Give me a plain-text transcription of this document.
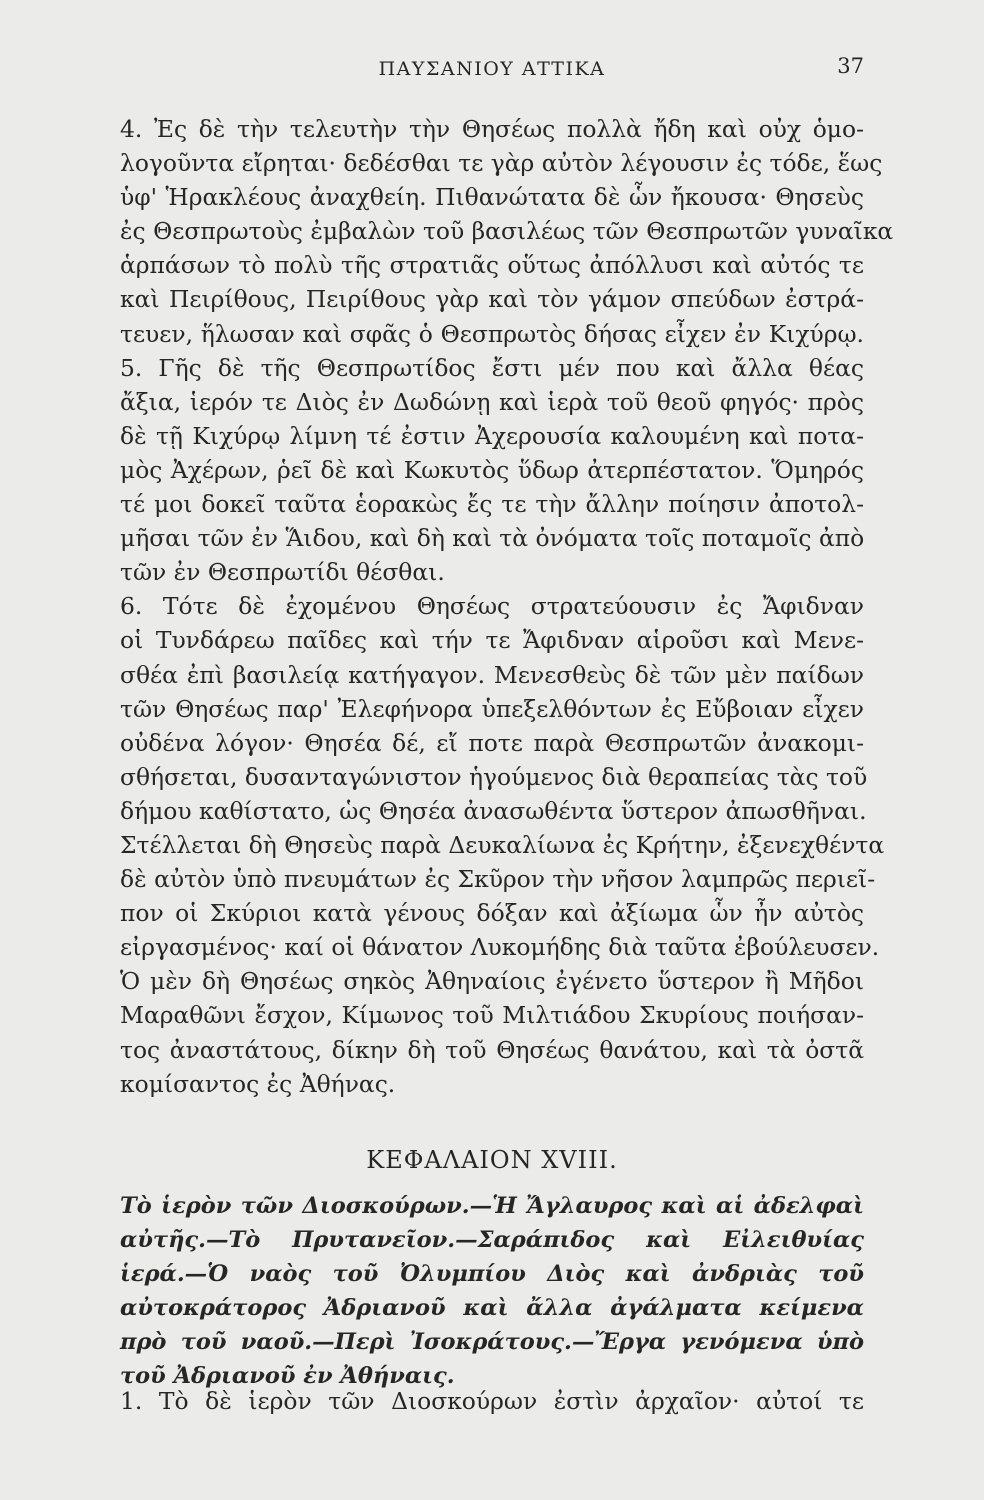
ΠΑΥΣΑΝΙΟΥ ΑΤΤΙΚΑ	37
4. Ἐς δὲ τὴν τελευτὴν τὴν Θησέως πολλὰ ἤδη καὶ οὐχ ὁμο-
λογοῦντα εἴρηται· δεδέσθαι τε γὰρ αὐτὸν λέγουσιν ἐς τόδε, ἕως
ὑφ' Ἡρακλέους ἀναχθείη. Πιθανώτατα δὲ ὧν ἤκουσα· Θησεὺς
ἐς Θεσπρωτοὺς ἐμβαλὼν τοῦ βασιλέως τῶν Θεσπρωτῶν γυναῖκα
ἁρπάσων τὸ πολὺ τῆς στρατιᾶς οὕτως ἀπόλλυσι καὶ αὐτός τε
καὶ Πειρίθους, Πειρίθους γὰρ καὶ τὸν γάμον σπεύδων ἐστρά-
τευεν, ἥλωσαν καὶ σφᾶς ὁ Θεσπρωτὸς δήσας εἶχεν ἐν Κιχύρῳ.
5. Γῆς δὲ τῆς Θεσπρωτίδος ἔστι μέν που καὶ ἄλλα θέας
ἄξια, ἱερόν τε Διὸς ἐν Δωδώνῃ καὶ ἱερὰ τοῦ θεοῦ φηγός· πρὸς
δὲ τῇ Κιχύρῳ λίμνη τέ ἐστιν Ἀχερουσία καλουμένη καὶ ποτα-
μὸς Ἀχέρων, ῥεῖ δὲ καὶ Κωκυτὸς ὕδωρ ἀτερπέστατον. Ὅμηρός
τέ μοι δοκεῖ ταῦτα ἑορακὼς ἔς τε τὴν ἄλλην ποίησιν ἀποτολ-
μῆσαι τῶν ἐν Ἅιδου, καὶ δὴ καὶ τὰ ὀνόματα τοῖς ποταμοῖς ἀπὸ
τῶν ἐν Θεσπρωτίδι θέσθαι.
6. Τότε δὲ ἐχομένου Θησέως στρατεύουσιν ἐς Ἄφιδναν
οἱ Τυνδάρεω παῖδες καὶ τήν τε Ἄφιδναν αἱροῦσι καὶ Μενε-
σθέα ἐπὶ βασιλείᾳ κατήγαγον. Μενεσθεὺς δὲ τῶν μὲν παίδων
τῶν Θησέως παρ' Ἐλεφήνορα ὑπεξελθόντων ἐς Εὔβοιαν εἶχεν
οὐδένα λόγον· Θησέα δέ, εἴ ποτε παρὰ Θεσπρωτῶν ἀνακομι-
σθήσεται, δυσανταγώνιστον ἡγούμενος διὰ θεραπείας τὰς τοῦ
δήμου καθίστατο, ὡς Θησέα ἀνασωθέντα ὕστερον ἀπωσθῆναι.
Στέλλεται δὴ Θησεὺς παρὰ Δευκαλίωνα ἐς Κρήτην, ἐξενεχθέντα
δὲ αὐτὸν ὑπὸ πνευμάτων ἐς Σκῦρον τὴν νῆσον λαμπρῶς περιεῖ-
πον οἱ Σκύριοι κατὰ γένους δόξαν καὶ ἀξίωμα ὧν ἦν αὐτὸς
εἰργασμένος· καί οἱ θάνατον Λυκομήδης διὰ ταῦτα ἐβούλευσεν.
Ὁ μὲν δὴ Θησέως σηκὸς Ἀθηναίοις ἐγένετο ὕστερον ἢ Μῆδοι
Μαραθῶνι ἔσχον, Κίμωνος τοῦ Μιλτιάδου Σκυρίους ποιήσαν-
τος ἀναστάτους, δίκην δὴ τοῦ Θησέως θανάτου, καὶ τὰ ὀστᾶ
κομίσαντος ἐς Ἀθήνας.
ΚΕΦΑΛΑΙΟΝ XVIII.
Τὸ ἱερὸν τῶν Διοσκούρων.—Ἡ Ἄγλαυρος καὶ αἱ ἀδελφαὶ
αὐτῆς.—Τὸ Πρυτανεῖον.—Σαράπιδος καὶ Εἰλειθυίας
ἱερά.—Ὁ ναὸς τοῦ Ὀλυμπίου Διὸς καὶ ἀνδριὰς τοῦ
αὐτοκράτορος Ἀδριανοῦ καὶ ἄλλα ἀγάλματα κείμενα
πρὸ τοῦ ναοῦ.—Περὶ Ἰσοκράτους.—Ἔργα γενόμενα ὑπὸ
τοῦ Ἀδριανοῦ ἐν Ἀθήναις.
1. Τὸ δὲ ἱερὸν τῶν Διοσκούρων ἐστὶν ἀρχαῖον· αὐτοί τε
